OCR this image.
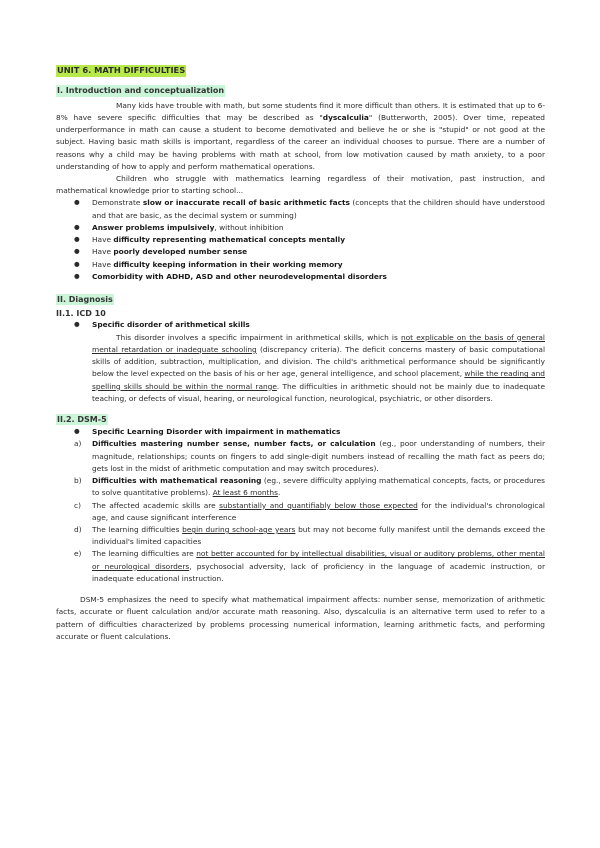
UNIT 6. MATH DIFFICULTIES
I. Introduction and conceptualization

Many kids have trouble with math, but some students find it more difficult than others. It is estimated that up to 6-8% have severe specific difficulties that may be described as "dyscalculia" (Butterworth, 2005). Over time, repeated underperformance in math can cause a student to become demotivated and believe he or she is "stupid" or not good at the subject. Having basic math skills is important, regardless of the career an individual chooses to pursue. There are a number of reasons why a child may be having problems with math at school, from low motivation caused by math anxiety, to a poor understanding of how to apply and perform mathematical operations.

Children who struggle with mathematics learning regardless of their motivation, past instruction, and mathematical knowledge prior to starting school...

● Demonstrate slow or inaccurate recall of basic arithmetic facts (concepts that the children should have understood and that are basic, as the decimal system or summing)
● Answer problems impulsively, without inhibition
● Have difficulty representing mathematical concepts mentally
● Have poorly developed number sense
● Have difficulty keeping information in their working memory
● Comorbidity with ADHD, ASD and other neurodevelopmental disorders
II. Diagnosis
II.1. ICD 10
● Specific disorder of arithmetical skills

This disorder involves a specific impairment in arithmetical skills, which is not explicable on the basis of general mental retardation or inadequate schooling (discrepancy criteria). The deficit concerns mastery of basic computational skills of addition, subtraction, multiplication, and division. The child's arithmetical performance should be significantly below the level expected on the basis of his or her age, general intelligence, and school placement, while the reading and spelling skills should be within the normal range. The difficulties in arithmetic should not be mainly due to inadequate teaching, or defects of visual, hearing, or neurological function, neurological, psychiatric, or other disorders.

II.2. DSM-5
● Specific Learning Disorder with impairment in mathematics
a) Difficulties mastering number sense, number facts, or calculation (eg., poor understanding of numbers, their magnitude, relationships; counts on fingers to add single-digit numbers instead of recalling the math fact as peers do; gets lost in the midst of arithmetic computation and may switch procedures).
b) Difficulties with mathematical reasoning (eg., severe difficulty applying mathematical concepts, facts, or procedures to solve quantitative problems). At least 6 months.
c) The affected academic skills are substantially and quantifiably below those expected for the individual's chronological age, and cause significant interference
d) The learning difficulties begin during school-age years but may not become fully manifest until the demands exceed the individual's limited capacities
e) The learning difficulties are not better accounted for by intellectual disabilities, visual or auditory problems, other mental or neurological disorders, psychosocial adversity, lack of proficiency in the language of academic instruction, or inadequate educational instruction.

DSM-5 emphasizes the need to specify what mathematical impairment affects: number sense, memorization of arithmetic facts, accurate or fluent calculation and/or accurate math reasoning. Also, dyscalculia is an alternative term used to refer to a pattern of difficulties characterized by problems processing numerical information, learning arithmetic facts, and performing accurate or fluent calculations.
